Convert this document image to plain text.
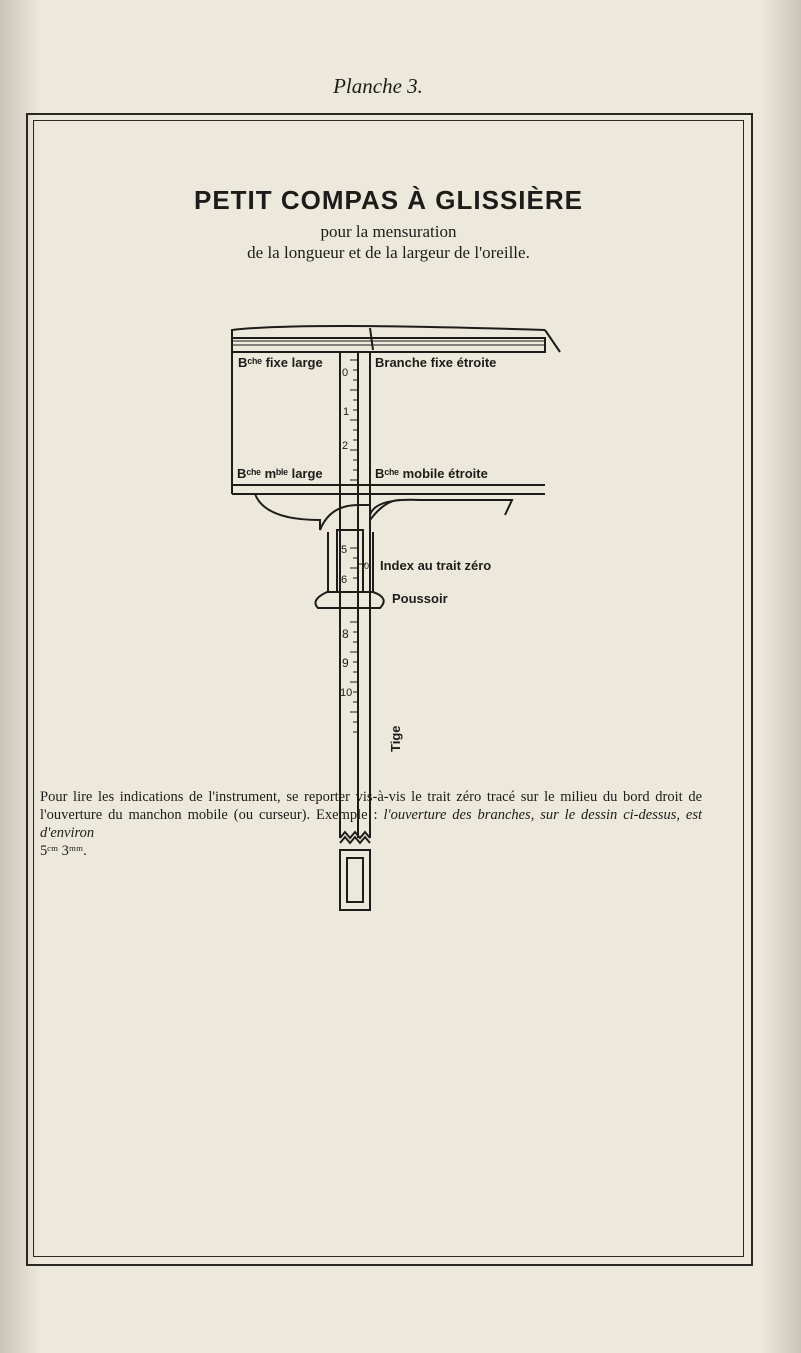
Planche 3.
PETIT COMPAS À GLISSIÈRE
pour la mensuration
de la longueur et de la largeur de l'oreille.
Bᶜʰᵉ fixe large	Branche fixe étroite
Bᶜʰᵉ mᵇˡᵉ large	Bᶜʰᵉ mobile étroite
Index au trait zéro
Poussoir
Tige
0
1
2
5
6
8
9
10
0
Pour lire les indications de l'instrument, se reporter vis-à-vis le trait zéro tracé sur le milieu du bord droit de l'ouverture du manchon mobile (ou curseur). Exemple : l'ouverture des branches, sur le dessin ci-dessus, est d'environ
5ᶜᵐ 3ᵐᵐ.
